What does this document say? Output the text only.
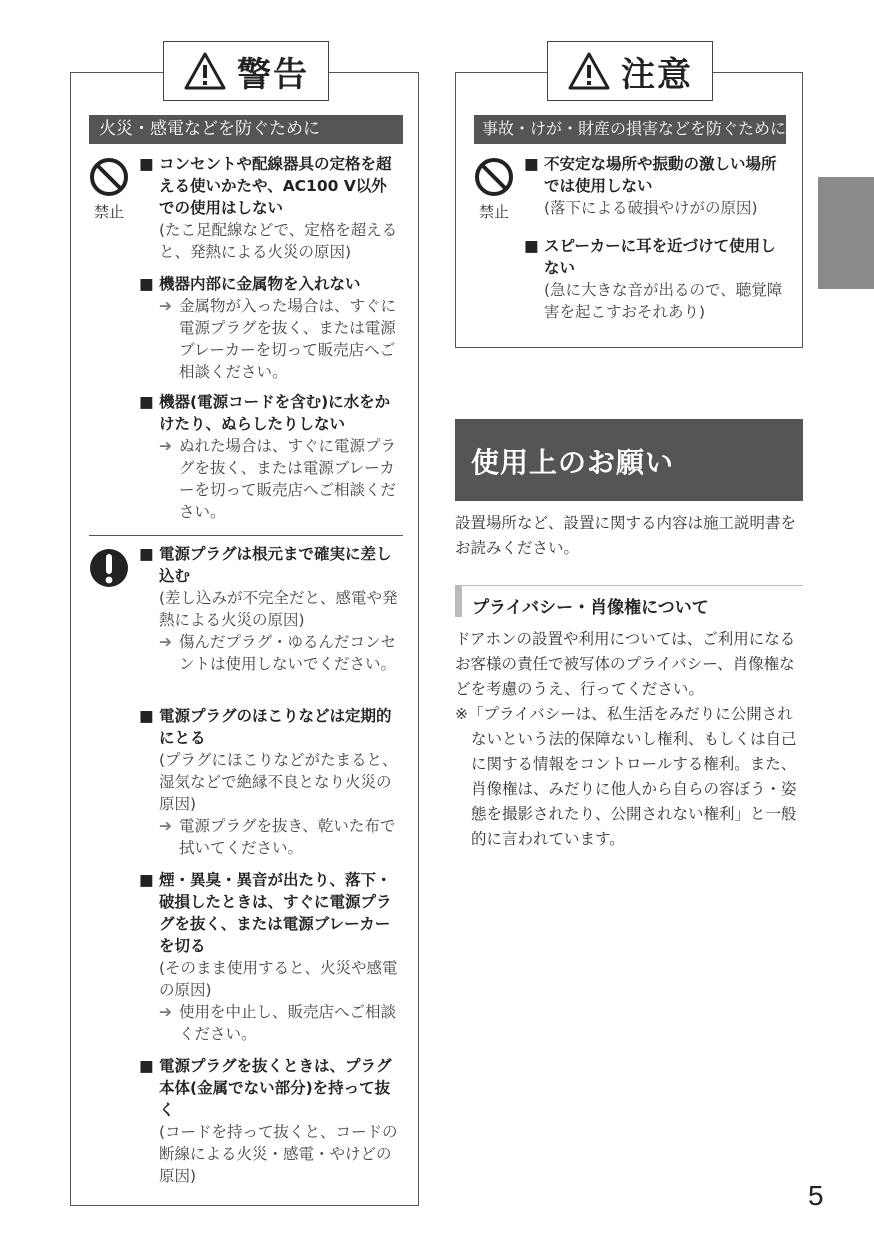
警告
火災・感電などを防ぐために
禁止
■ コンセントや配線器具の定格を超える使いかたや、AC100 V以外での使用はしない
(たこ足配線などで、定格を超えると、発熱による火災の原因)
■ 機器内部に金属物を入れない
➔ 金属物が入った場合は、すぐに電源プラグを抜く、または電源ブレーカーを切って販売店へご相談ください。
■ 機器(電源コードを含む)に水をかけたり、ぬらしたりしない
➔ ぬれた場合は、すぐに電源プラグを抜く、または電源ブレーカーを切って販売店へご相談ください。
■ 電源プラグは根元まで確実に差し込む
(差し込みが不完全だと、感電や発熱による火災の原因)
➔ 傷んだプラグ・ゆるんだコンセントは使用しないでください。
■ 電源プラグのほこりなどは定期的にとる
(プラグにほこりなどがたまると、湿気などで絶縁不良となり火災の原因)
➔ 電源プラグを抜き、乾いた布で拭いてください。
■ 煙・異臭・異音が出たり、落下・破損したときは、すぐに電源プラグを抜く、または電源ブレーカーを切る
(そのまま使用すると、火災や感電の原因)
➔ 使用を中止し、販売店へご相談ください。
■ 電源プラグを抜くときは、プラグ本体(金属でない部分)を持って抜く
(コードを持って抜くと、コードの断線による火災・感電・やけどの原因)
注意
事故・けが・財産の損害などを防ぐために
禁止
■ 不安定な場所や振動の激しい場所では使用しない
(落下による破損やけがの原因)
■ スピーカーに耳を近づけて使用しない
(急に大きな音が出るので、聴覚障害を起こすおそれあり)
使用上のお願い
設置場所など、設置に関する内容は施工説明書をお読みください。
プライバシー・肖像権について
ドアホンの設置や利用については、ご利用になるお客様の責任で被写体のプライバシー、肖像権などを考慮のうえ、行ってください。
※「プライバシーは、私生活をみだりに公開されないという法的保障ないし権利、もしくは自己に関する情報をコントロールする権利。また、肖像権は、みだりに他人から自らの容ぼう・姿態を撮影されたり、公開されない権利」と一般的に言われています。
5
